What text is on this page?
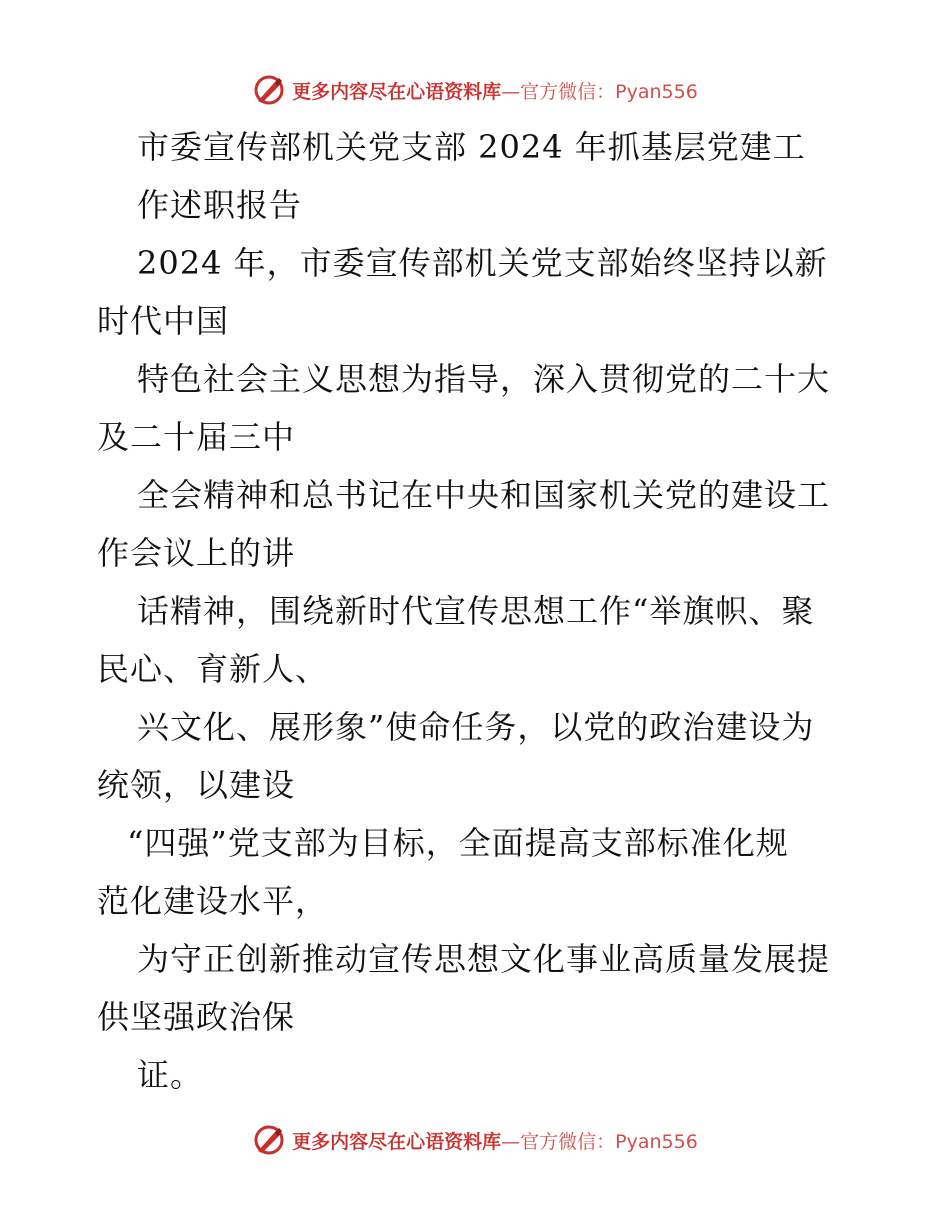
更多内容尽在心语资料库 —官方微信：Pyan556
市委宣传部机关党支部 2024 年抓基层党建工
作述职报告
2024 年，市委宣传部机关党支部始终坚持以新
时代中国
特色社会主义思想为指导，深入贯彻党的二十大
及二十届三中
全会精神和总书记在中央和国家机关党的建设工
作会议上的讲
话精神，围绕新时代宣传思想工作“举旗帜、聚
民心、育新人、
兴文化、展形象”使命任务，以党的政治建设为
统领，以建设
“四强”党支部为目标，全面提高支部标准化规
范化建设水平，
为守正创新推动宣传思想文化事业高质量发展提
供坚强政治保
证。
更多内容尽在心语资料库 —官方微信：Pyan556
